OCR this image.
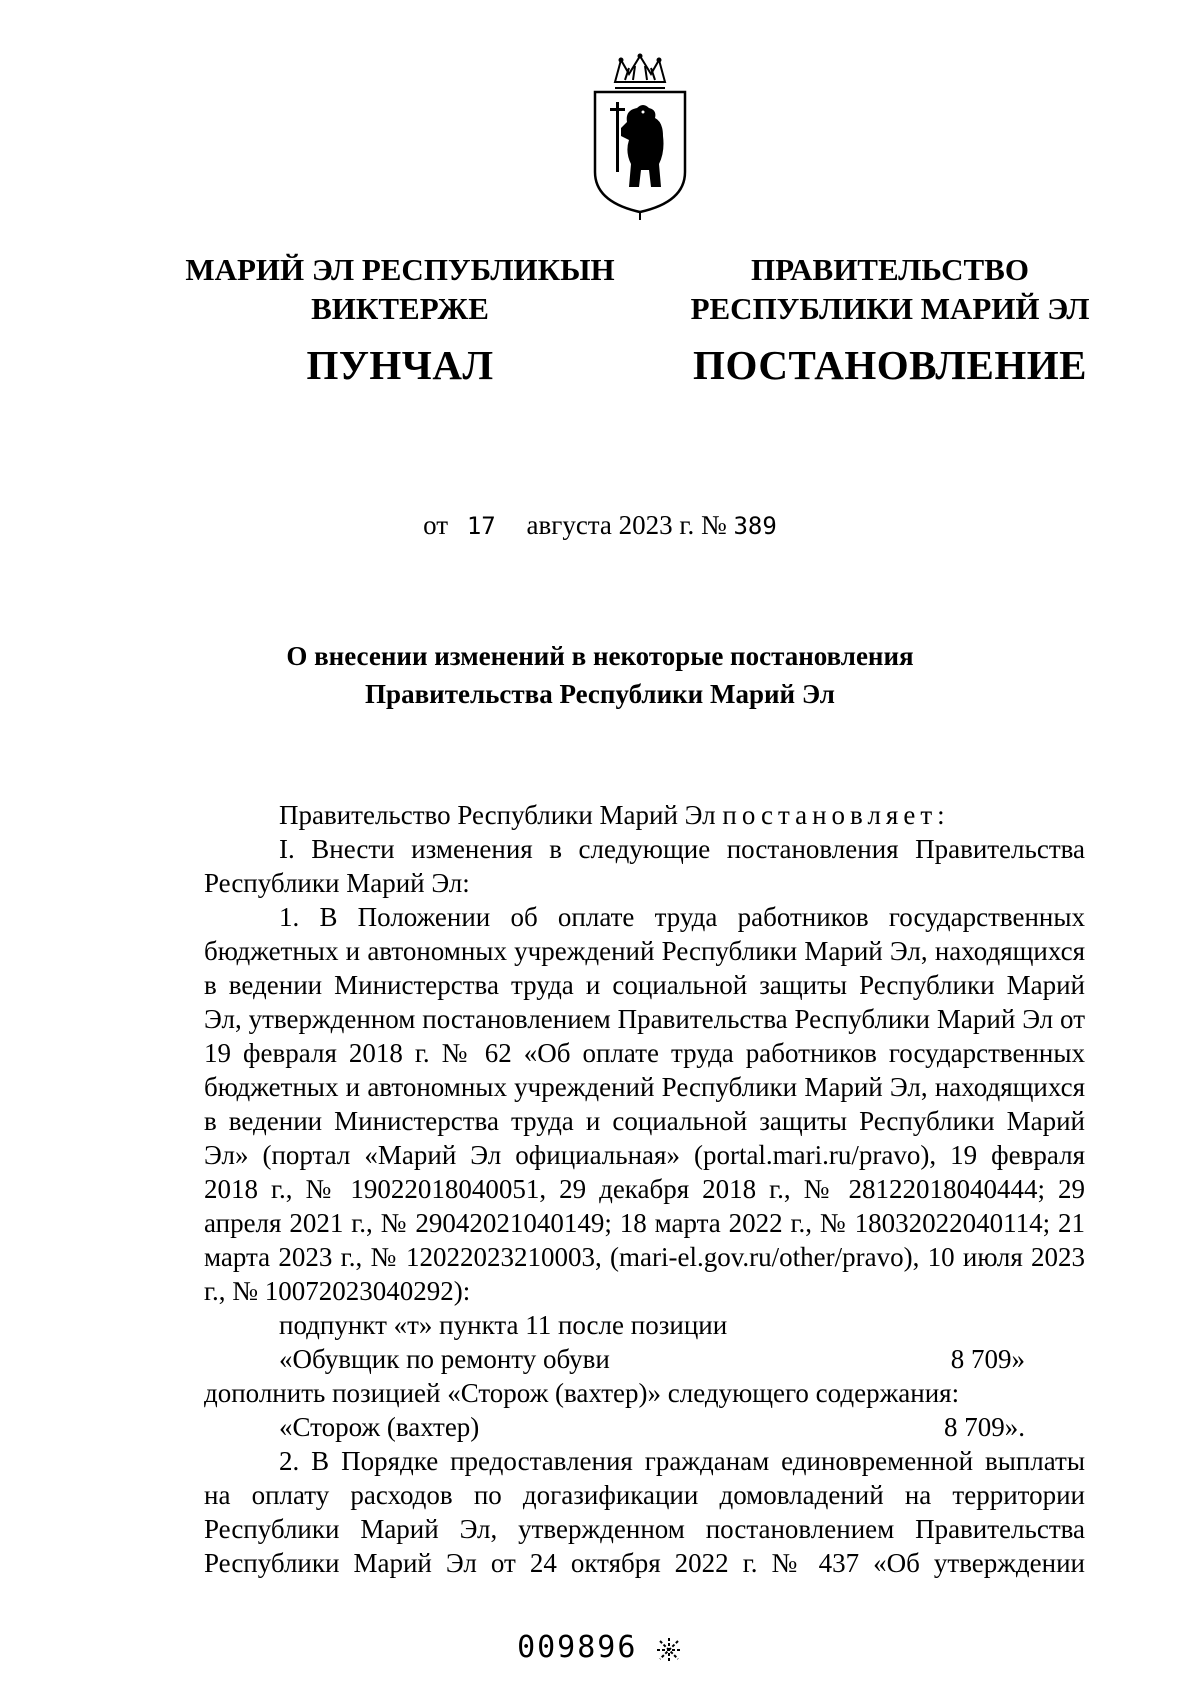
МАРИЙ ЭЛ РЕСПУБЛИКЫН
ВИКТЕРЖЕ
ПУНЧАЛ
ПРАВИТЕЛЬСТВО
РЕСПУБЛИКИ МАРИЙ ЭЛ
ПОСТАНОВЛЕНИЕ
от 17 августа 2023 г. № 389
О внесении изменений в некоторые постановления
Правительства Республики Марий Эл

Правительство Республики Марий Эл постановляет:

I. Внести изменения в следующие постановления Правительства Республики Марий Эл:

1. В Положении об оплате труда работников государственных бюджетных и автономных учреждений Республики Марий Эл, находящихся в ведении Министерства труда и социальной защиты Республики Марий Эл, утвержденном постановлением Правительства Республики Марий Эл от 19 февраля 2018 г. № 62 «Об оплате труда работников государственных бюджетных и автономных учреждений Республики Марий Эл, находящихся в ведении Министерства труда и социальной защиты Республики Марий Эл» (портал «Марий Эл официальная» (portal.mari.ru/pravo), 19 февраля 2018 г., № 19022018040051, 29 декабря 2018 г., № 28122018040444; 29 апреля 2021 г., № 29042021040149; 18 марта 2022 г., № 18032022040114; 21 марта 2023 г., № 12022023210003, (mari-el.gov.ru/other/pravo), 10 июля 2023 г., № 10072023040292):

подпункт «т» пункта 11 после позиции

«Обувщик по ремонту обуви	8 709»

дополнить позицией «Сторож (вахтер)» следующего содержания:

«Сторож (вахтер)	8 709».

2. В Порядке предоставления гражданам единовременной выплаты на оплату расходов по догазификации домовладений на территории Республики Марий Эл, утвержденном постановлением Правительства Республики Марий Эл от 24 октября 2022 г. № 437 «Об утверждении

009896
